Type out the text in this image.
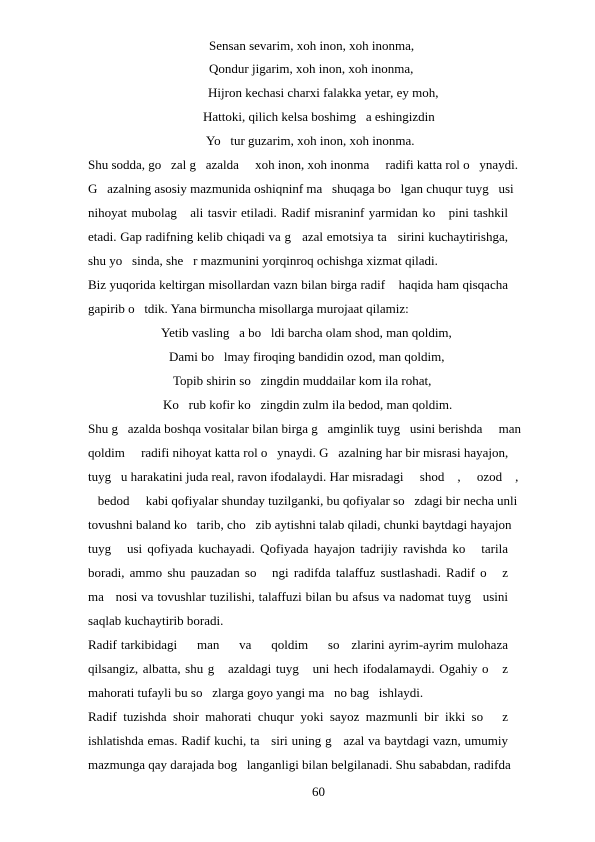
Sensan sevarim, xoh inon, xoh inonma,
Qondur jigarim, xoh inon, xoh inonma,
Hijron kechasi charxi falakka yetar, ey moh,
Hattoki, qilich kelsa boshimg   a eshingizdin
Yo   tur guzarim, xoh inon, xoh inonma.
Shu sodda, go   zal g   azalda     xoh inon, xoh inonma     radifi katta rol o   ynaydi.
G   azalning asosiy mazmunida oshiqninf ma   shuqaga bo   lgan chuqur tuyg   usi
nihoyat mubolag   ali tasvir etiladi. Radif misraninf yarmidan ko   pini tashkil
etadi. Gap radifning kelib chiqadi va g   azal emotsiya ta   sirini kuchaytirishga,
shu yo   sinda, she   r mazmunini yorqinroq ochishga xizmat qiladi.
Biz yuqorida keltirgan misollardan vazn bilan birga radif    haqida ham qisqacha
gapirib o   tdik. Yana birmuncha misollarga murojaat qilamiz:
Yetib vasling   a bo   ldi barcha olam shod, man qoldim,
Dami bo   lmay firoqing bandidin ozod, man qoldim,
Topib shirin so   zingdin muddailar kom ila rohat,
Ko   rub kofir ko   zingdin zulm ila bedod, man qoldim.
Shu g   azalda boshqa vositalar bilan birga g   amginlik tuyg   usini berishda     man
qoldim     radifi nihoyat katta rol o   ynaydi. G   azalning har bir misrasi hayajon,
tuyg   u harakatini juda real, ravon ifodalaydi. Har misradagi     shod    ,     ozod    ,
bedod     kabi qofiyalar shunday tuzilganki, bu qofiyalar so   zdagi bir necha unli
tovushni baland ko   tarib, cho   zib aytishni talab qiladi, chunki baytdagi hayajon
tuyg   usi qofiyada kuchayadi. Qofiyada hayajon tadrijiy ravishda ko   tarila
boradi, ammo shu pauzadan so   ngi radifda talaffuz sustlashadi. Radif o   z
ma   nosi va tovushlar tuzilishi, talaffuzi bilan bu afsus va nadomat tuyg   usini
saqlab kuchaytirib boradi.
Radif tarkibidagi     man     va     qoldim     so   zlarini ayrim-ayrim mulohaza
qilsangiz, albatta, shu g   azaldagi tuyg   uni hech ifodalamaydi. Ogahiy o   z
mahorati tufayli bu so   zlarga goyo yangi ma   no bag   ishlaydi.
Radif tuzishda shoir mahorati chuqur yoki sayoz mazmunli bir ikki so   z
ishlatishda emas. Radif kuchi, ta   siri uning g   azal va baytdagi vazn, umumiy
mazmunga qay darajada bog   langanligi bilan belgilanadi. Shu sababdan, radifda
60
